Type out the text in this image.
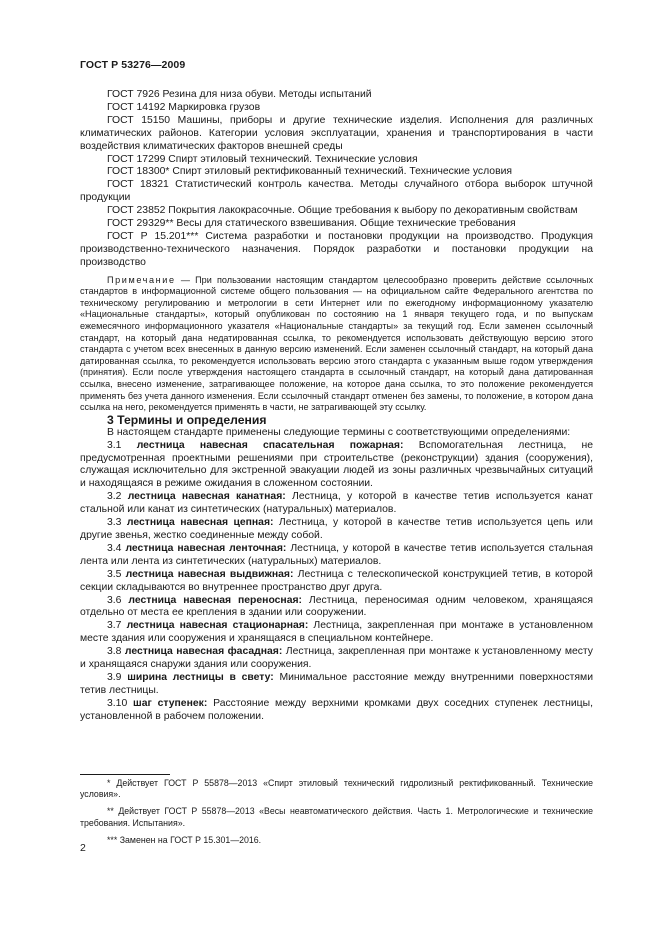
ГОСТ Р 53276—2009

ГОСТ 7926 Резина для низа обуви. Методы испытаний

ГОСТ 14192 Маркировка грузов

ГОСТ 15150 Машины, приборы и другие технические изделия. Исполнения для различных климатических районов. Категории условия эксплуатации, хранения и транспортирования в части воздействия климатических факторов внешней среды

ГОСТ 17299 Спирт этиловый технический. Технические условия

ГОСТ 18300* Спирт этиловый ректификованный технический. Технические условия

ГОСТ 18321 Статистический контроль качества. Методы случайного отбора выборок штучной продукции

ГОСТ 23852 Покрытия лакокрасочные. Общие требования к выбору по декоративным свойствам

ГОСТ 29329** Весы для статического взвешивания. Общие технические требования

ГОСТ Р 15.201*** Система разработки и постановки продукции на производство. Продукция производственно-технического назначения. Порядок разработки и постановки продукции на производство

Примечание — При пользовании настоящим стандартом целесообразно проверить действие ссылочных стандартов в информационной системе общего пользования — на официальном сайте Федерального агентства по техническому регулированию и метрологии в сети Интернет или по ежегодному информационному указателю «Национальные стандарты», который опубликован по состоянию на 1 января текущего года, и по выпускам ежемесячного информационного указателя «Национальные стандарты» за текущий год. Если заменен ссылочный стандарт, на который дана недатированная ссылка, то рекомендуется использовать действующую версию этого стандарта с учетом всех внесенных в данную версию изменений. Если заменен ссылочный стандарт, на который дана датированная ссылка, то рекомендуется использовать версию этого стандарта с указанным выше годом утверждения (принятия). Если после утверждения настоящего стандарта в ссылочный стандарт, на который дана датированная ссылка, внесено изменение, затрагивающее положение, на которое дана ссылка, то это положение рекомендуется применять без учета данного изменения. Если ссылочный стандарт отменен без замены, то положение, в котором дана ссылка на него, рекомендуется применять в части, не затрагивающей эту ссылку.

3 Термины и определения

В настоящем стандарте применены следующие термины с соответствующими определениями:

3.1 лестница навесная спасательная пожарная: Вспомогательная лестница, не предусмотренная проектными решениями при строительстве (реконструкции) здания (сооружения), служащая исключительно для экстренной эвакуации людей из зоны различных чрезвычайных ситуаций и находящаяся в режиме ожидания в сложенном состоянии.

3.2 лестница навесная канатная: Лестница, у которой в качестве тетив используется канат стальной или канат из синтетических (натуральных) материалов.

3.3 лестница навесная цепная: Лестница, у которой в качестве тетив используется цепь или другие звенья, жестко соединенные между собой.

3.4 лестница навесная ленточная: Лестница, у которой в качестве тетив используется стальная лента или лента из синтетических (натуральных) материалов.

3.5 лестница навесная выдвижная: Лестница с телескопической конструкцией тетив, в которой секции складываются во внутреннее пространство друг друга.

3.6 лестница навесная переносная: Лестница, переносимая одним человеком, хранящаяся отдельно от места ее крепления в здании или сооружении.

3.7 лестница навесная стационарная: Лестница, закрепленная при монтаже в установленном месте здания или сооружения и хранящаяся в специальном контейнере.

3.8 лестница навесная фасадная: Лестница, закрепленная при монтаже к установленному месту и хранящаяся снаружи здания или сооружения.

3.9 ширина лестницы в свету: Минимальное расстояние между внутренними поверхностями тетив лестницы.

3.10 шаг ступенек: Расстояние между верхними кромками двух соседних ступенек лестницы, установленной в рабочем положении.

* Действует ГОСТ Р 55878—2013 «Спирт этиловый технический гидролизный ректификованный. Технические условия».

** Действует ГОСТ Р 55878—2013 «Весы неавтоматического действия. Часть 1. Метрологические и технические требования. Испытания».

*** Заменен на ГОСТ Р 15.301—2016.

2
